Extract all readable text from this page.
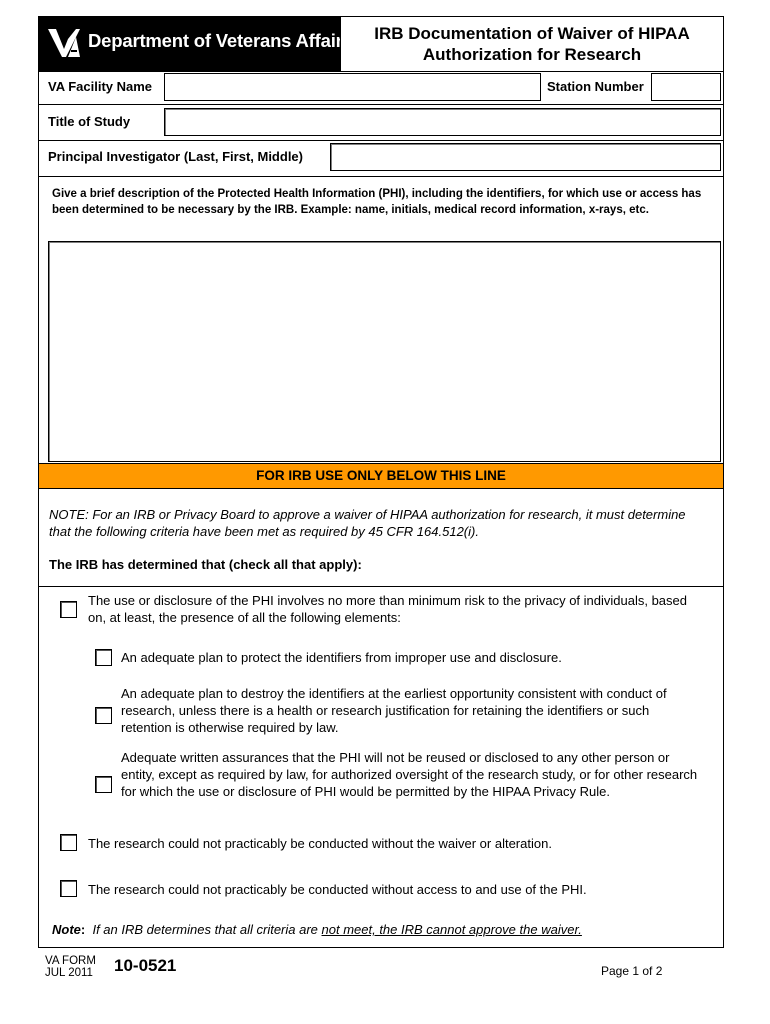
Department of Veterans Affairs	IRB Documentation of Waiver of HIPAA
Authorization for Research
VA Facility Name	Station Number
Title of Study
Principal Investigator (Last, First, Middle)
Give a brief description of the Protected Health Information (PHI), including the identifiers, for which use or access has been determined to be necessary by the IRB. Example: name, initials, medical record information, x-rays, etc.
FOR IRB USE ONLY BELOW THIS LINE
NOTE: For an IRB or Privacy Board to approve a waiver of HIPAA authorization for research, it must determine that the following criteria have been met as required by 45 CFR 164.512(i).
The IRB has determined that (check all that apply):
The use or disclosure of the PHI involves no more than minimum risk to the privacy of individuals, based on, at least, the presence of all the following elements:
An adequate plan to protect the identifiers from improper use and disclosure.
An adequate plan to destroy the identifiers at the earliest opportunity consistent with conduct of research, unless there is a health or research justification for retaining the identifiers or such retention is otherwise required by law.
Adequate written assurances that the PHI will not be reused or disclosed to any other person or entity, except as required by law, for authorized oversight of the research study, or for other research for which the use or disclosure of PHI would be permitted by the HIPAA Privacy Rule.
The research could not practicably be conducted without the waiver or alteration.
The research could not practicably be conducted without access to and use of the PHI.
Note: If an IRB determines that all criteria are not meet, the IRB cannot approve the waiver.
VA FORM
JUL 2011 10-0521	Page 1 of 2
